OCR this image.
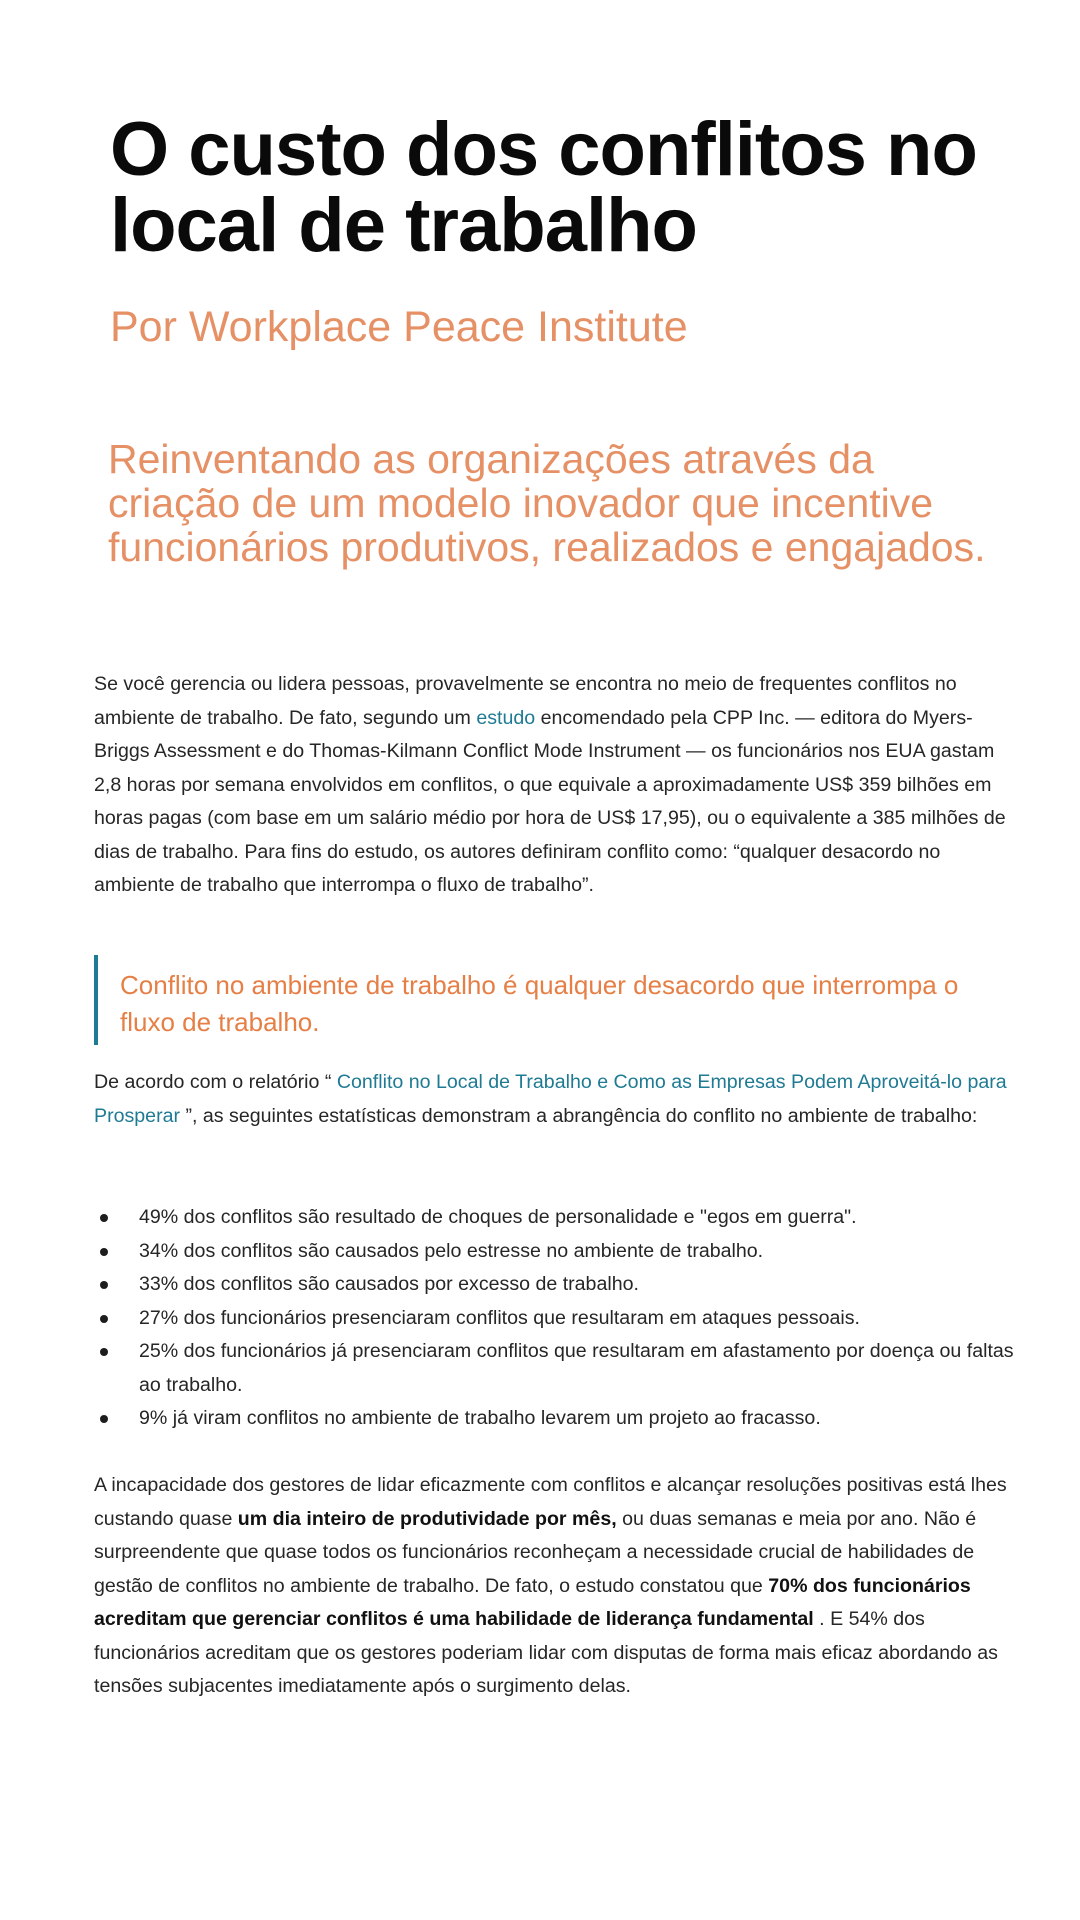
O custo dos conflitos no local de trabalho

Por Workplace Peace Institute

Reinventando as organizações através da criação de um modelo inovador que incentive funcionários produtivos, realizados e engajados.

Se você gerencia ou lidera pessoas, provavelmente se encontra no meio de frequentes conflitos no ambiente de trabalho. De fato, segundo um estudo encomendado pela CPP Inc. — editora do Myers-Briggs Assessment e do Thomas-Kilmann Conflict Mode Instrument — os funcionários nos EUA gastam 2,8 horas por semana envolvidos em conflitos, o que equivale a aproximadamente US$ 359 bilhões em horas pagas (com base em um salário médio por hora de US$ 17,95), ou o equivalente a 385 milhões de dias de trabalho. Para fins do estudo, os autores definiram conflito como: “qualquer desacordo no ambiente de trabalho que interrompa o fluxo de trabalho”.

Conflito no ambiente de trabalho é qualquer desacordo que interrompa o fluxo de trabalho.

De acordo com o relatório “ Conflito no Local de Trabalho e Como as Empresas Podem Aproveitá-lo para Prosperar ”, as seguintes estatísticas demonstram a abrangência do conflito no ambiente de trabalho:

49% dos conflitos são resultado de choques de personalidade e "egos em guerra".
34% dos conflitos são causados pelo estresse no ambiente de trabalho.
33% dos conflitos são causados por excesso de trabalho.
27% dos funcionários presenciaram conflitos que resultaram em ataques pessoais.
25% dos funcionários já presenciaram conflitos que resultaram em afastamento por doença ou faltas ao trabalho.
9% já viram conflitos no ambiente de trabalho levarem um projeto ao fracasso.

A incapacidade dos gestores de lidar eficazmente com conflitos e alcançar resoluções positivas está lhes custando quase um dia inteiro de produtividade por mês, ou duas semanas e meia por ano. Não é surpreendente que quase todos os funcionários reconheçam a necessidade crucial de habilidades de gestão de conflitos no ambiente de trabalho. De fato, o estudo constatou que 70% dos funcionários acreditam que gerenciar conflitos é uma habilidade de liderança fundamental . E 54% dos funcionários acreditam que os gestores poderiam lidar com disputas de forma mais eficaz abordando as tensões subjacentes imediatamente após o surgimento delas.
